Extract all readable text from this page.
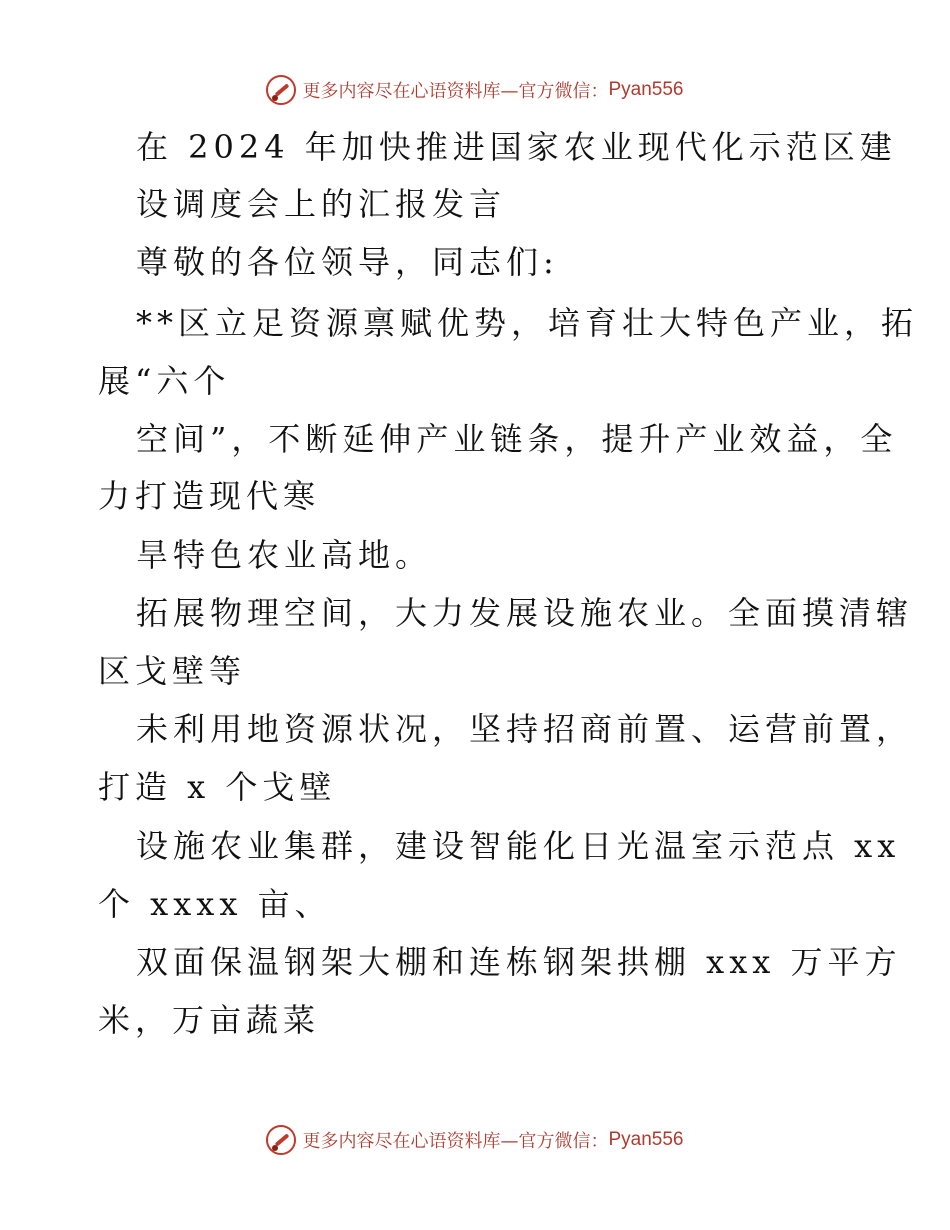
更多内容尽在心语资料库—官方微信： Pyan556
在 2024 年加快推进国家农业现代化示范区建
设调度会上的汇报发言
尊敬的各位领导，同志们:
**区立足资源禀赋优势，培育壮大特色产业，拓
展“六个
空间”，不断延伸产业链条，提升产业效益，全
力打造现代寒
旱特色农业高地。
拓展物理空间，大力发展设施农业。全面摸清辖
区戈壁等
未利用地资源状况，坚持招商前置、运营前置，
打造 x 个戈壁
设施农业集群，建设智能化日光温室示范点 xx
个 xxxx 亩、
双面保温钢架大棚和连栋钢架拱棚 xxx 万平方
米，万亩蔬菜
更多内容尽在心语资料库—官方微信： Pyan556
